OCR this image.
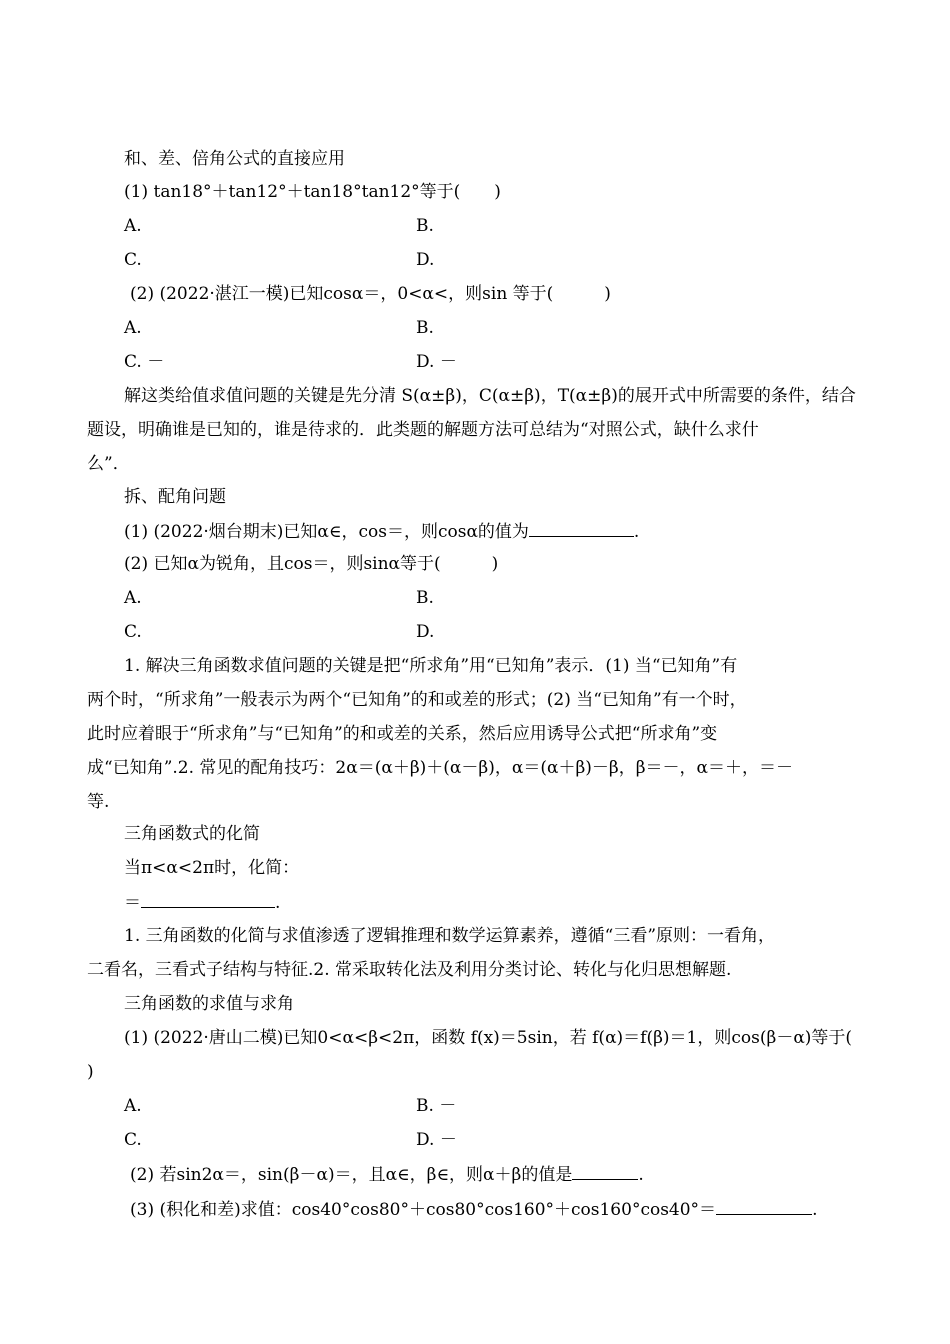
和、差、倍角公式的直接应用
(1) tan18°＋tan12°＋tan18°tan12°等于(　　)
A.	B.
C.	D.
(2) (2022·湛江一模)已知cosα＝，0<α<，则sin 等于(　　　)
A.	B.
C. －	D. －
解这类给值求值问题的关键是先分清 S(α±β)，C(α±β)，T(α±β)的展开式中所需要的条件，结合
题设，明确谁是已知的，谁是待求的．此类题的解题方法可总结为“对照公式，缺什么求什
么”．
拆、配角问题
(1) (2022·烟台期末)已知α∈，cos＝，则cosα的值为	.
(2) 已知α为锐角，且cos＝，则sinα等于(　　　)
A.	B.
C.	D.
1. 解决三角函数求值问题的关键是把“所求角”用“已知角”表示．(1) 当“已知角”有
两个时，“所求角”一般表示为两个“已知角”的和或差的形式；(2) 当“已知角”有一个时，
此时应着眼于“所求角”与“已知角”的和或差的关系，然后应用诱导公式把“所求角”变
成“已知角”.2. 常见的配角技巧：2α＝(α＋β)＋(α－β)，α＝(α＋β)－β，β＝－，α＝＋，＝－
等.
三角函数式的化简
当π<α<2π时，化简：
＝	.
1. 三角函数的化简与求值渗透了逻辑推理和数学运算素养，遵循“三看”原则：一看角，
二看名，三看式子结构与特征.2. 常采取转化法及利用分类讨论、转化与化归思想解题.
三角函数的求值与求角
(1) (2022·唐山二模)已知0<α<β<2π，函数 f(x)＝5sin，若 f(α)＝f(β)＝1，则cos(β－α)等于(
)
A.	B. －
C.	D. －
(2) 若sin2α＝，sin(β－α)＝，且α∈，β∈，则α＋β的值是	.
(3) (积化和差)求值：cos40°cos80°＋cos80°cos160°＋cos160°cos40°＝	.
